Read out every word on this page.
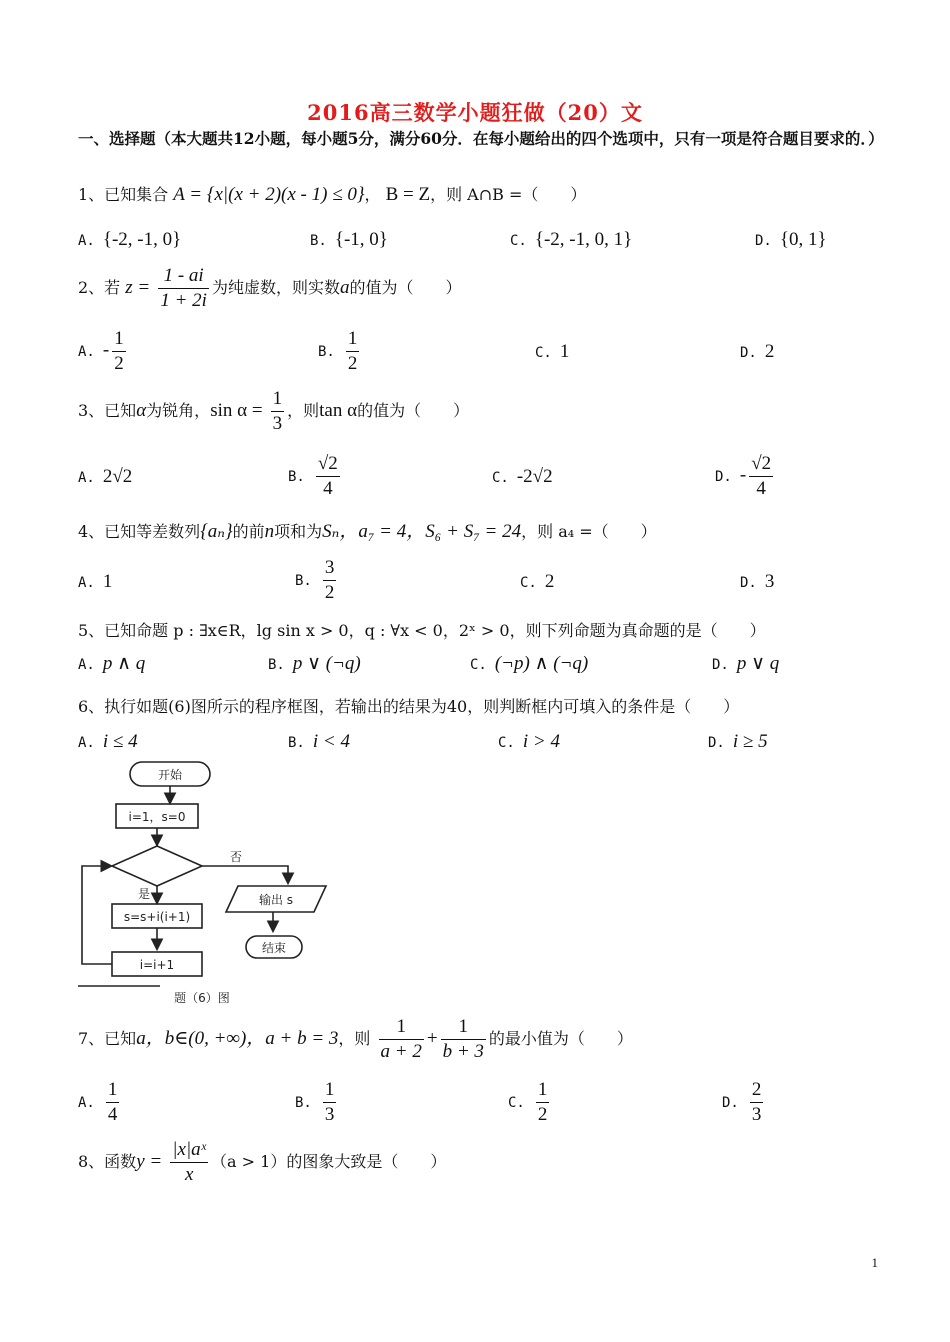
2016高三数学小题狂做（20）文
一、选择题（本大题共12小题，每小题5分，满分60分．在每小题给出的四个选项中，只有一项是符合题目要求的．）
1、已知集合 A = {x|(x + 2)(x - 1) ≤ 0}， B = Z，则 A∩B =（　　）
A. {-2, -1, 0}	B. {-1, 0}	C. {-2, -1, 0, 1}	D. {0, 1}
2、若 $z = \frac{1 - ai}{1 + 2i}$ 为纯虚数，则实数a的值为（　　）
A. - $\frac{1}{2}$	B. $\frac{1}{2}$	C. 1	D. 2
3、已知α为锐角，$\sin \alpha = \frac{1}{3}$ ，则tan α的值为（　　）
A. 2√2	B. $\frac{√2}{4}$	C. -2√2	D. - $\frac{√2}{4}$
4、已知等差数列{aₙ}的前n项和为Sₙ，a₇ = 4，S₆ + S₇ = 24，则 a₄ =（　　）
A. 1	B. $\frac{3}{2}$	C. 2	D. 3
5、已知命题 p : ∃x∈R，lg sin x > 0，q : ∀x < 0，2ˣ > 0，则下列命题为真命题的是（　　）
A. p ∧ q	B. p ∨ (¬q)	C. (¬p) ∧ (¬q)	D. p ∨ q
6、执行如题(6)图所示的程序框图，若输出的结果为40，则判断框内可填入的条件是（　　）
A. i ≤ 4	B. i < 4	C. i > 4	D. i ≥ 5
开始
i=1，s=0
否
是	输出 s
s=s+i(i+1)
结束
i=i+1
题（6）图
7、已知a，b∈(0, +∞)，a + b = 3，则 $\frac{1}{a + 2} + \frac{1}{b + 3}$ 的最小值为（　　）
A. $\frac{1}{4}$	B. $\frac{1}{3}$	C. $\frac{1}{2}$	D. $\frac{2}{3}$
8、函数$y = \frac{\text{|x|aˣ}}{x} (a > 1)$的图象大致是（　　）
1
